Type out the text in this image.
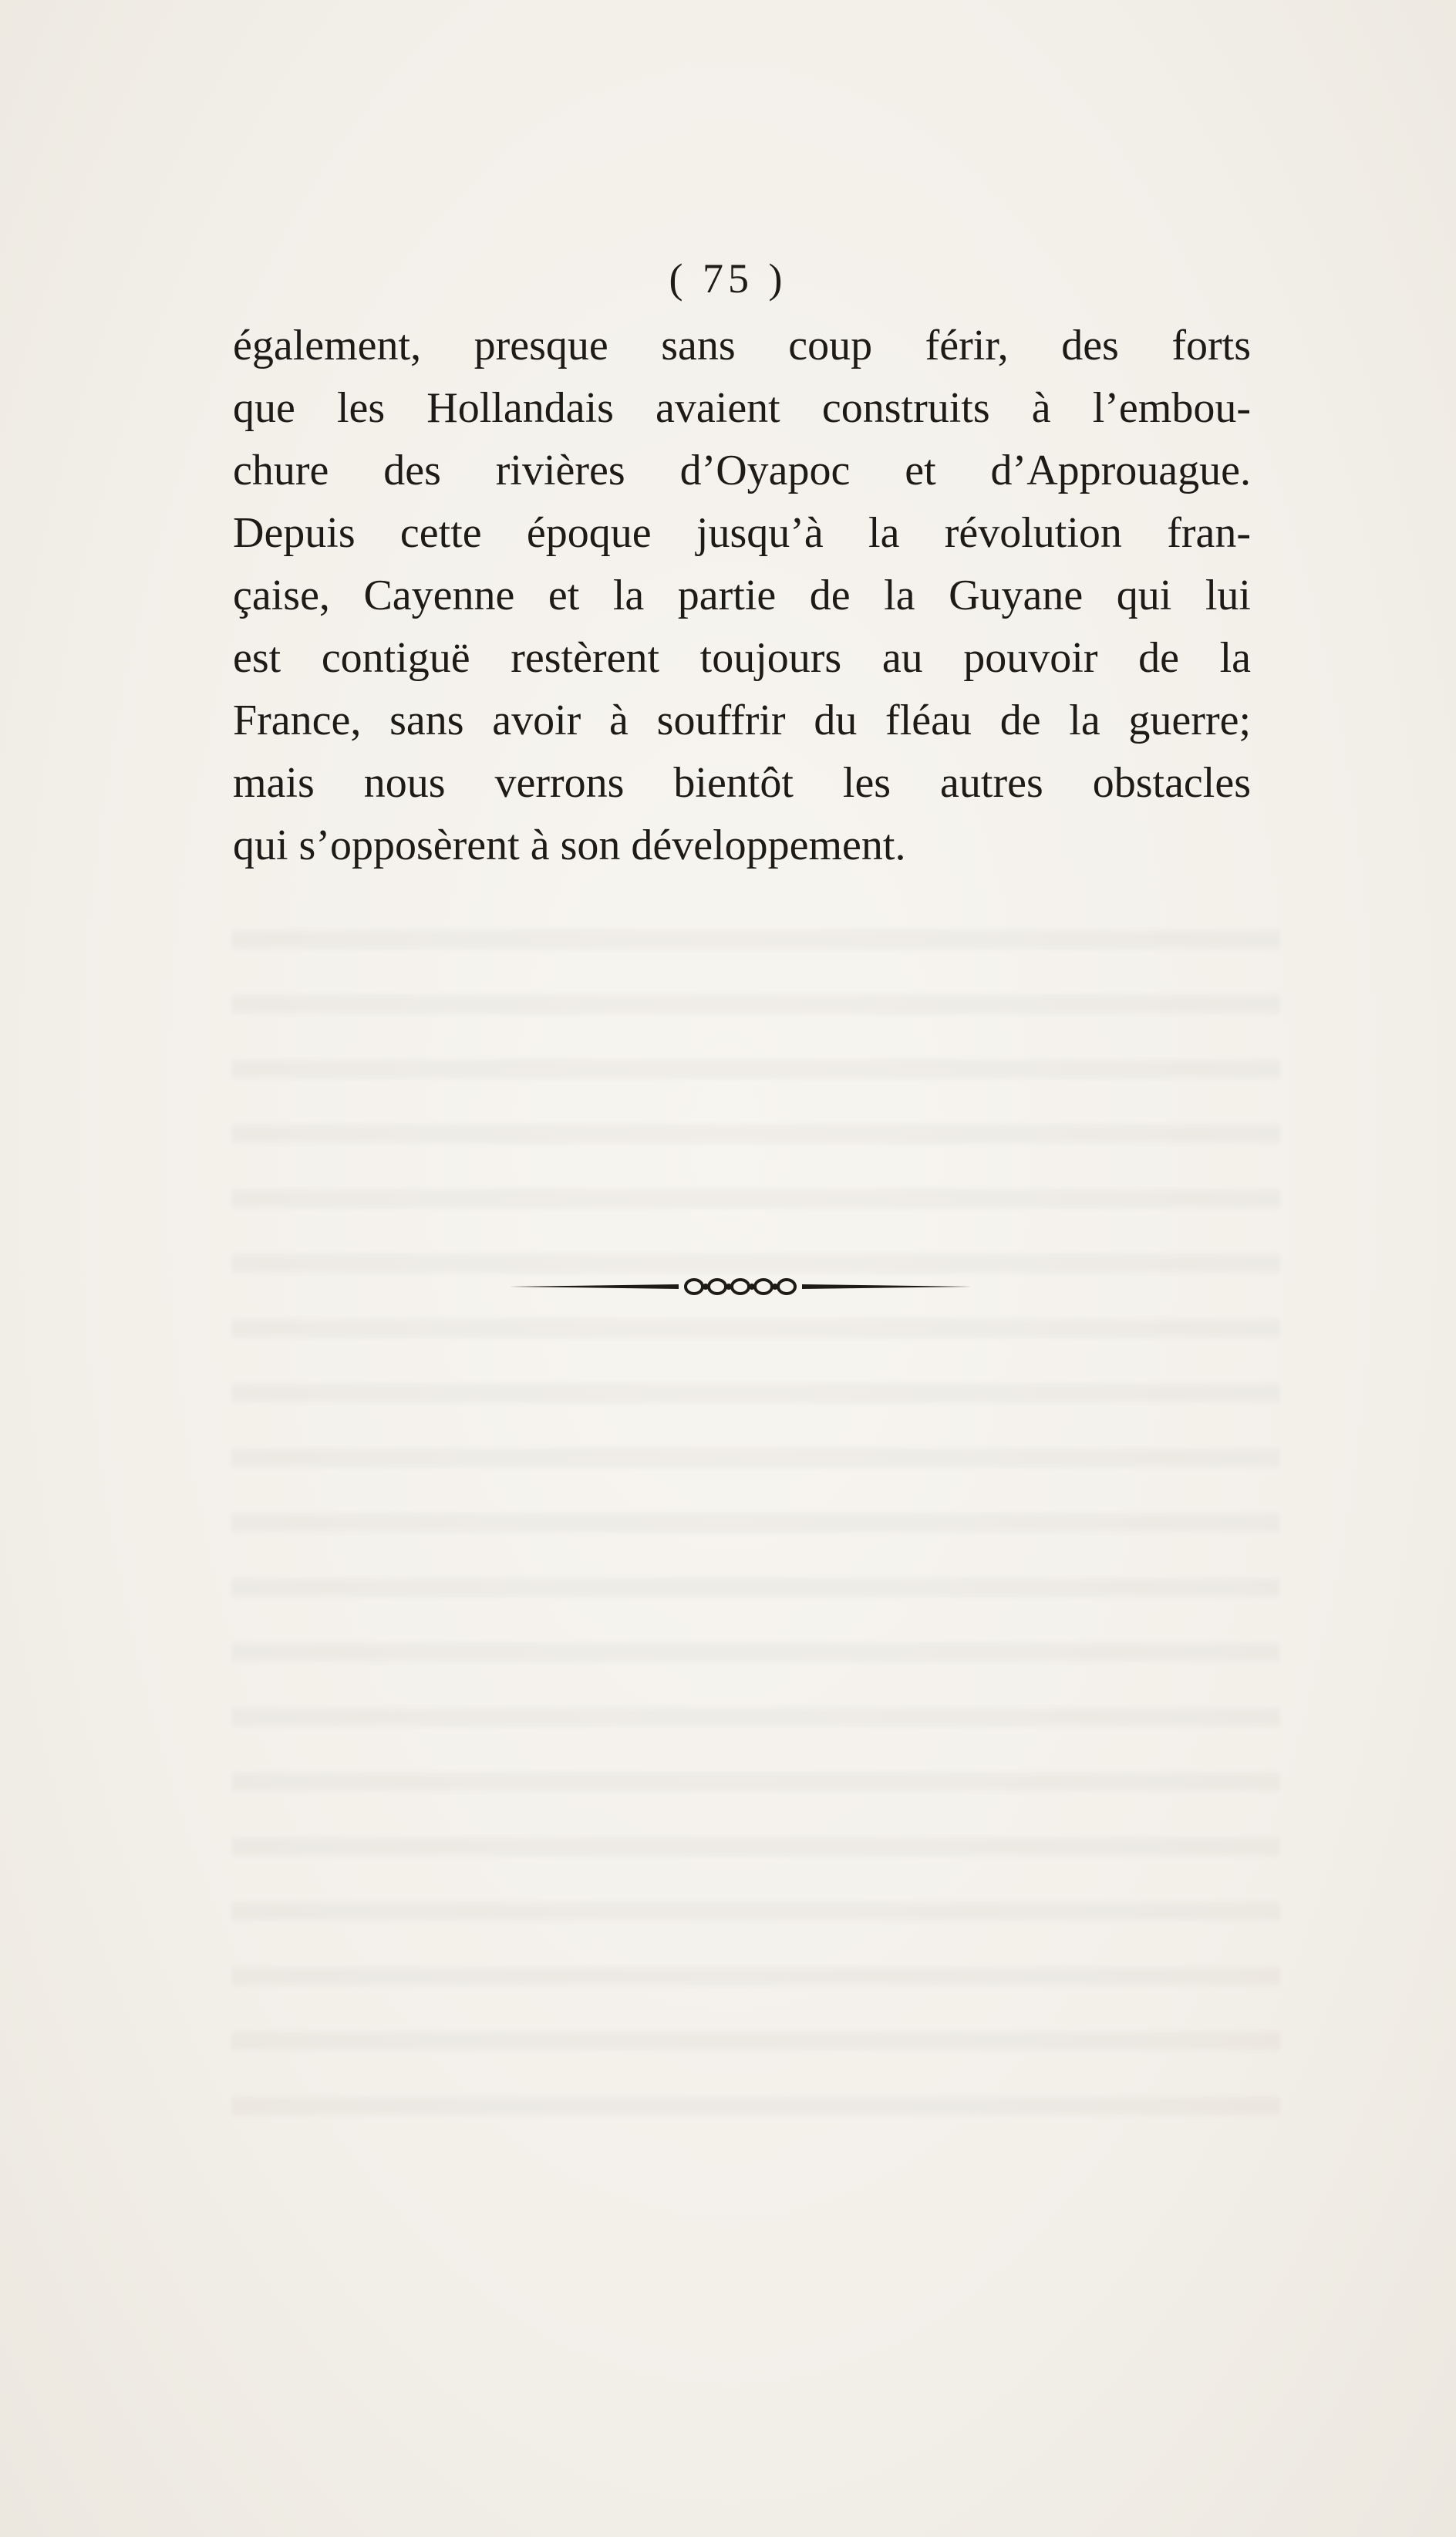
( 75 )
également, presque sans coup férir, des forts
que les Hollandais avaient construits à l’embou-
chure des rivières d’Oyapoc et d’Approuague.
Depuis cette époque jusqu’à la révolution fran-
çaise, Cayenne et la partie de la Guyane qui lui
est contiguë restèrent toujours au pouvoir de la
France, sans avoir à souffrir du fléau de la guerre;
mais nous verrons bientôt les autres obstacles
qui s’opposèrent à son développement.
